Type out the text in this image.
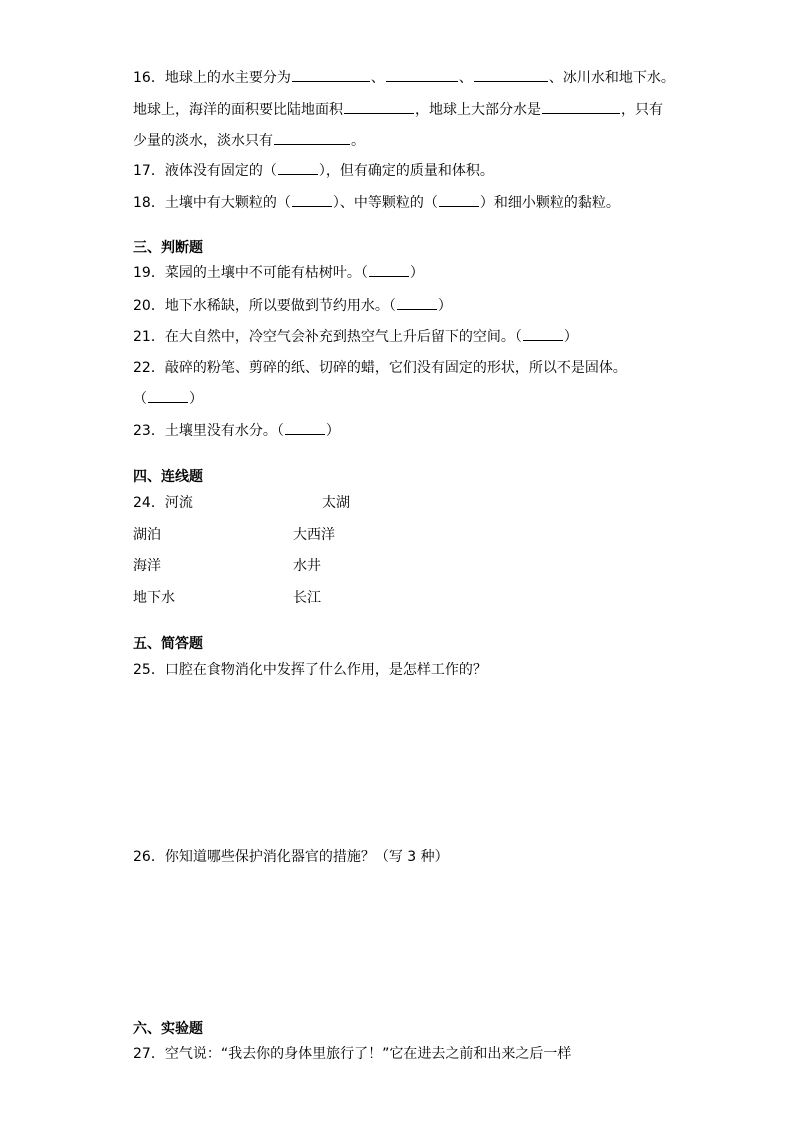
16．地球上的水主要分为	、	、	、冰川水和地下水。
地球上，海洋的面积要比陆地面积	，地球上大部分水是	，只有
少量的淡水，淡水只有	。
17．液体没有固定的（	），但有确定的质量和体积。
18．土壤中有大颗粒的（	）、中等颗粒的（	）和细小颗粒的黏粒。
三、判断题
19．菜园的土壤中不可能有枯树叶。（	）
20．地下水稀缺，所以要做到节约用水。（	）
21．在大自然中，冷空气会补充到热空气上升后留下的空间。（	）
22．敲碎的粉笔、剪碎的纸、切碎的蜡，它们没有固定的形状，所以不是固体。
（	）
23．土壤里没有水分。（	）
四、连线题
24．河流	太湖
湖泊	大西洋
海洋	水井
地下水	长江
五、简答题
25．口腔在食物消化中发挥了什么作用，是怎样工作的？
26．你知道哪些保护消化器官的措施？（写 3 种）
六、实验题
27．空气说：“我去你的身体里旅行了！”它在进去之前和出来之后一样
